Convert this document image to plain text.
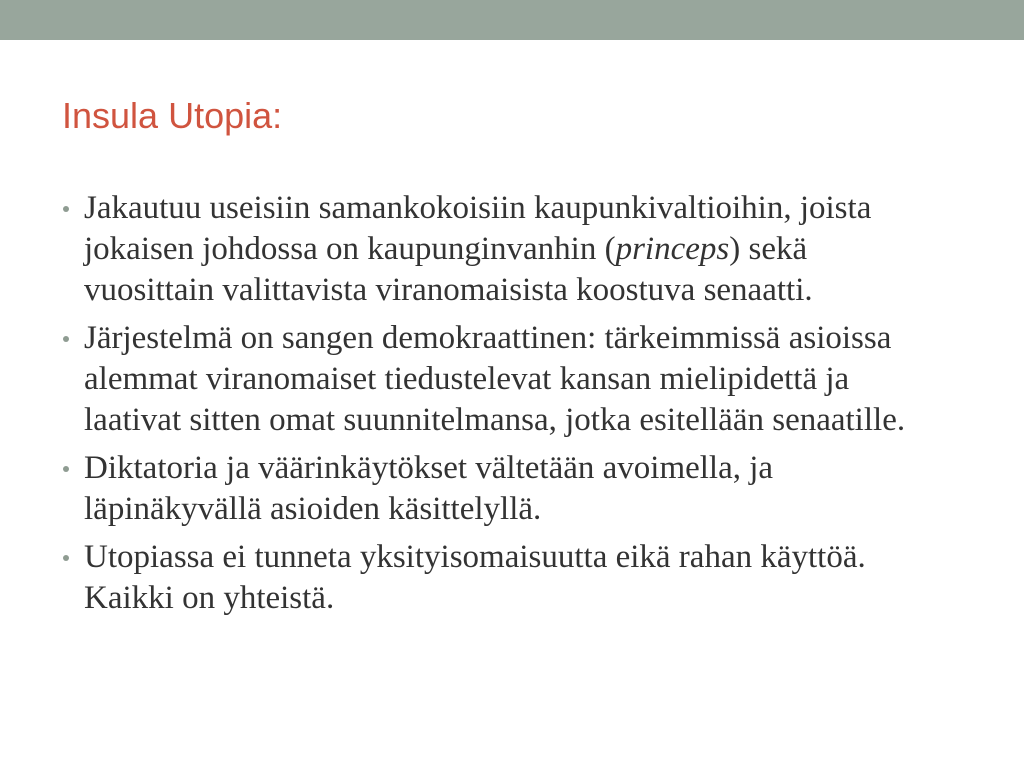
Insula Utopia:
Jakautuu useisiin samankokoisiin kaupunkivaltioihin, joista
jokaisen johdossa on kaupunginvanhin (princeps) sekä
vuosittain valittavista viranomaisista koostuva senaatti.
Järjestelmä on sangen demokraattinen: tärkeimmissä asioissa
alemmat viranomaiset tiedustelevat kansan mielipidettä ja
laativat sitten omat suunnitelmansa, jotka esitellään senaatille.
Diktatoria ja väärinkäytökset vältetään avoimella, ja
läpinäkyvällä asioiden käsittelyllä.
Utopiassa ei tunneta yksityisomaisuutta eikä rahan käyttöä.
Kaikki on yhteistä.
